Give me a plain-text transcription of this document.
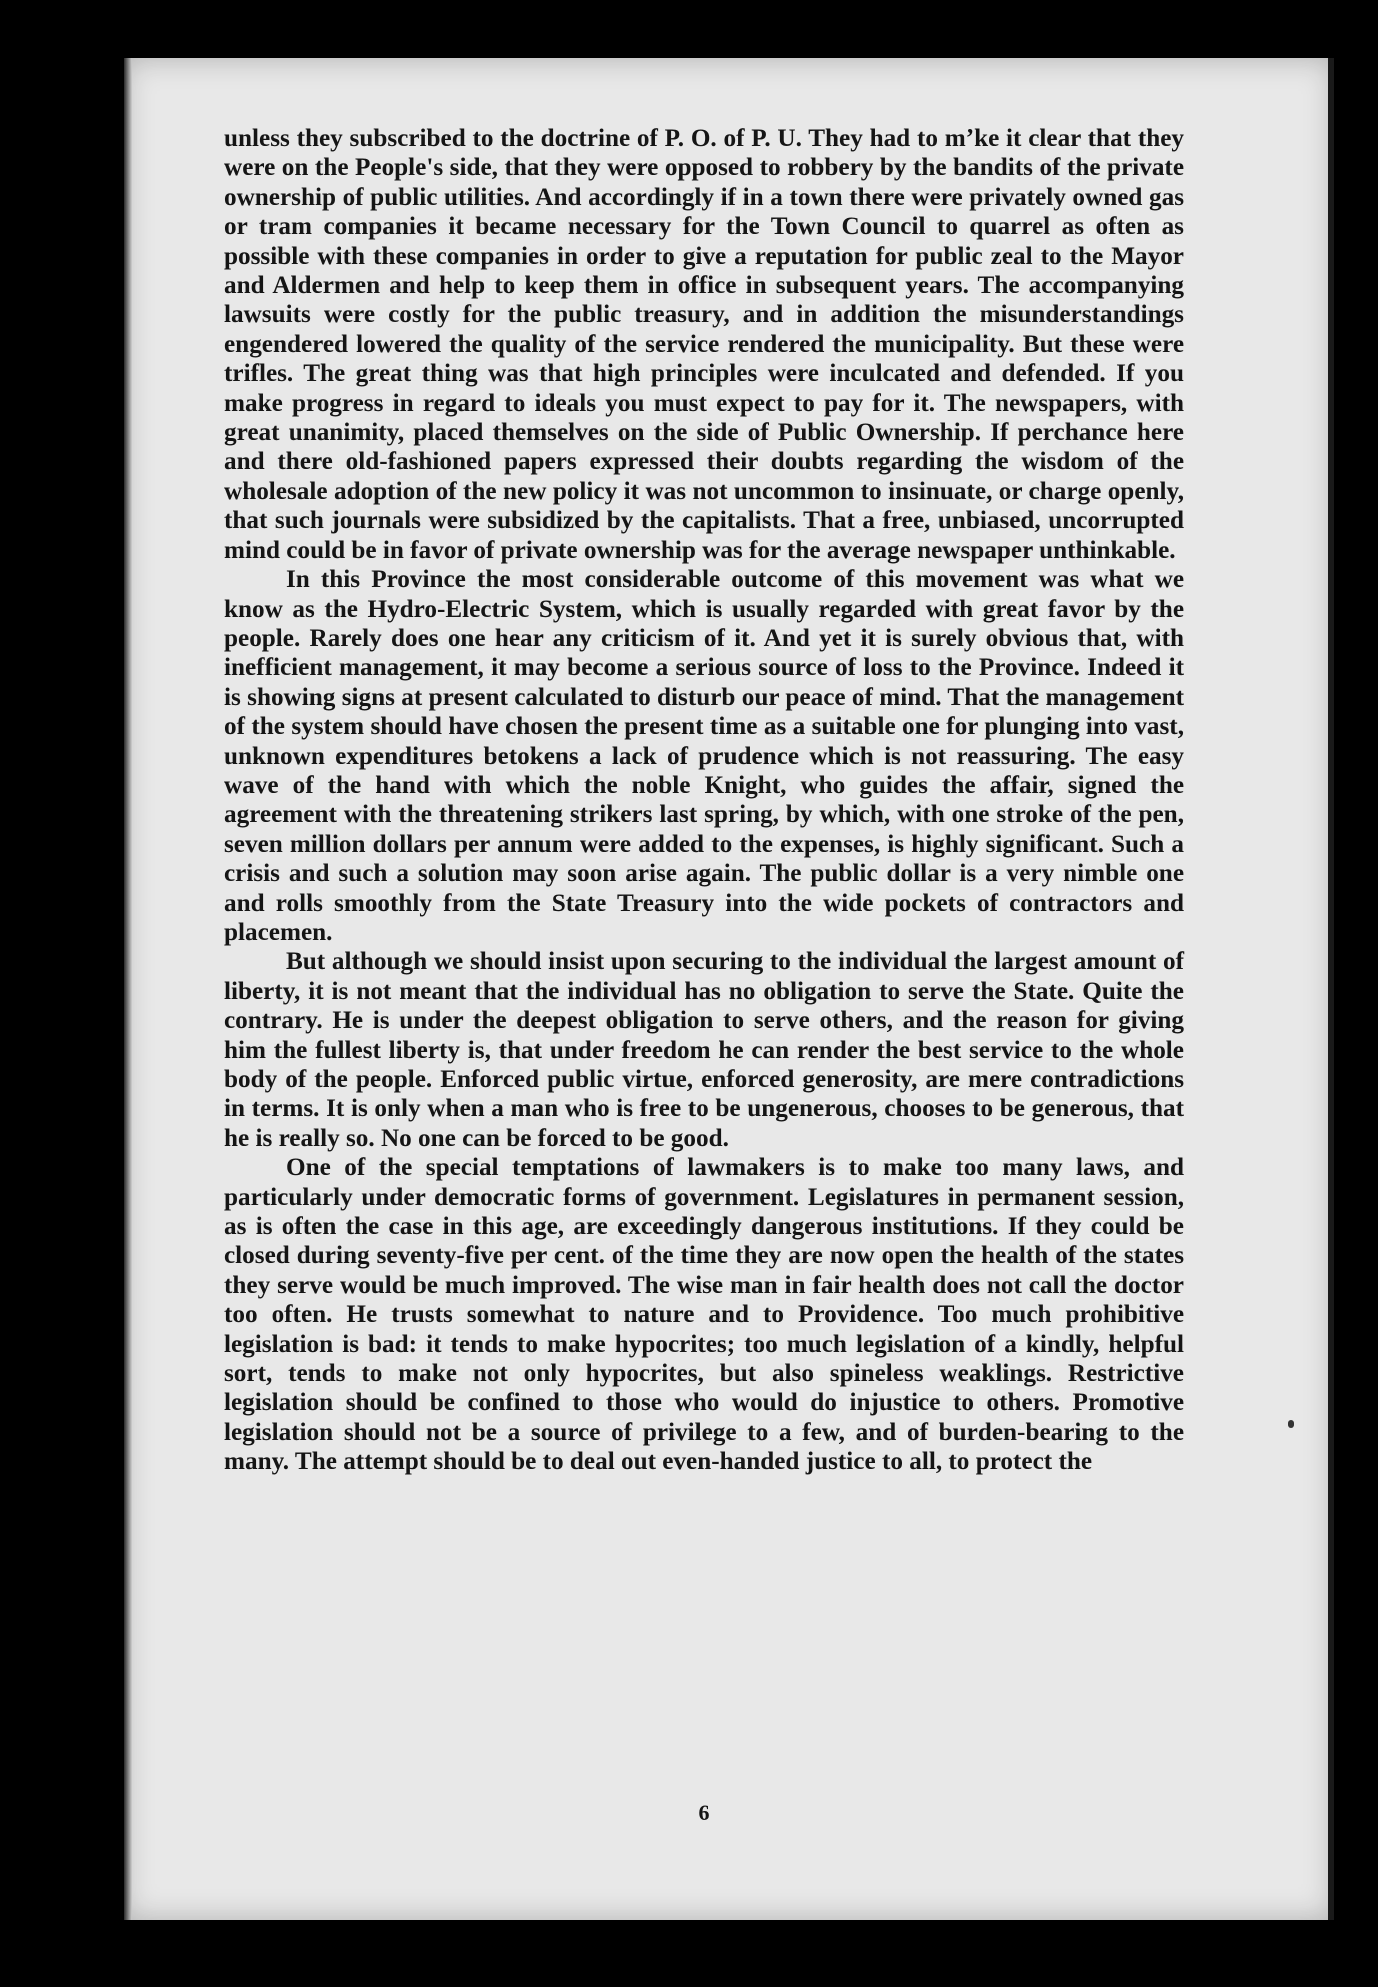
unless they subscribed to the doctrine of P. O. of P. U. They had to mʼke it clear that they were on the People's side, that they were opposed to robbery by the bandits of the private ownership of public utilities. And accordingly if in a town there were privately owned gas or tram companies it became necessary for the Town Council to quarrel as often as possible with these companies in order to give a reputation for public zeal to the Mayor and Aldermen and help to keep them in office in subsequent years. The accompanying lawsuits were costly for the public treasury, and in addition the misunderstandings engendered lowered the quality of the service rendered the municipality. But these were trifles. The great thing was that high principles were inculcated and defended. If you make progress in regard to ideals you must expect to pay for it. The newspapers, with great unanimity, placed themselves on the side of Public Ownership. If perchance here and there old-fashioned papers expressed their doubts regarding the wisdom of the wholesale adoption of the new policy it was not uncommon to insinuate, or charge openly, that such journals were subsidized by the capitalists. That a free, unbiased, uncorrupted mind could be in favor of private ownership was for the average newspaper unthinkable.

In this Province the most considerable outcome of this movement was what we know as the Hydro-Electric System, which is usually regarded with great favor by the people. Rarely does one hear any criticism of it. And yet it is surely obvious that, with inefficient management, it may become a serious source of loss to the Province. Indeed it is showing signs at present calculated to disturb our peace of mind. That the management of the system should have chosen the present time as a suitable one for plunging into vast, unknown expenditures betokens a lack of prudence which is not reassuring. The easy wave of the hand with which the noble Knight, who guides the affair, signed the agreement with the threatening strikers last spring, by which, with one stroke of the pen, seven million dollars per annum were added to the expenses, is highly significant. Such a crisis and such a solution may soon arise again. The public dollar is a very nimble one and rolls smoothly from the State Treasury into the wide pockets of contractors and placemen.

But although we should insist upon securing to the individual the largest amount of liberty, it is not meant that the individual has no obligation to serve the State. Quite the contrary. He is under the deepest obligation to serve others, and the reason for giving him the fullest liberty is, that under freedom he can render the best service to the whole body of the people. Enforced public virtue, enforced generosity, are mere contradictions in terms. It is only when a man who is free to be ungenerous, chooses to be generous, that he is really so. No one can be forced to be good.

One of the special temptations of lawmakers is to make too many laws, and particularly under democratic forms of government. Legislatures in permanent session, as is often the case in this age, are exceedingly dangerous institutions. If they could be closed during seventy-five per cent. of the time they are now open the health of the states they serve would be much improved. The wise man in fair health does not call the doctor too often. He trusts somewhat to nature and to Providence. Too much prohibitive legislation is bad: it tends to make hypocrites; too much legislation of a kindly, helpful sort, tends to make not only hypocrites, but also spineless weaklings. Restrictive legislation should be confined to those who would do injustice to others. Promotive legislation should not be a source of privilege to a few, and of burden-bearing to the many. The attempt should be to deal out even-handed justice to all, to protect the

6
